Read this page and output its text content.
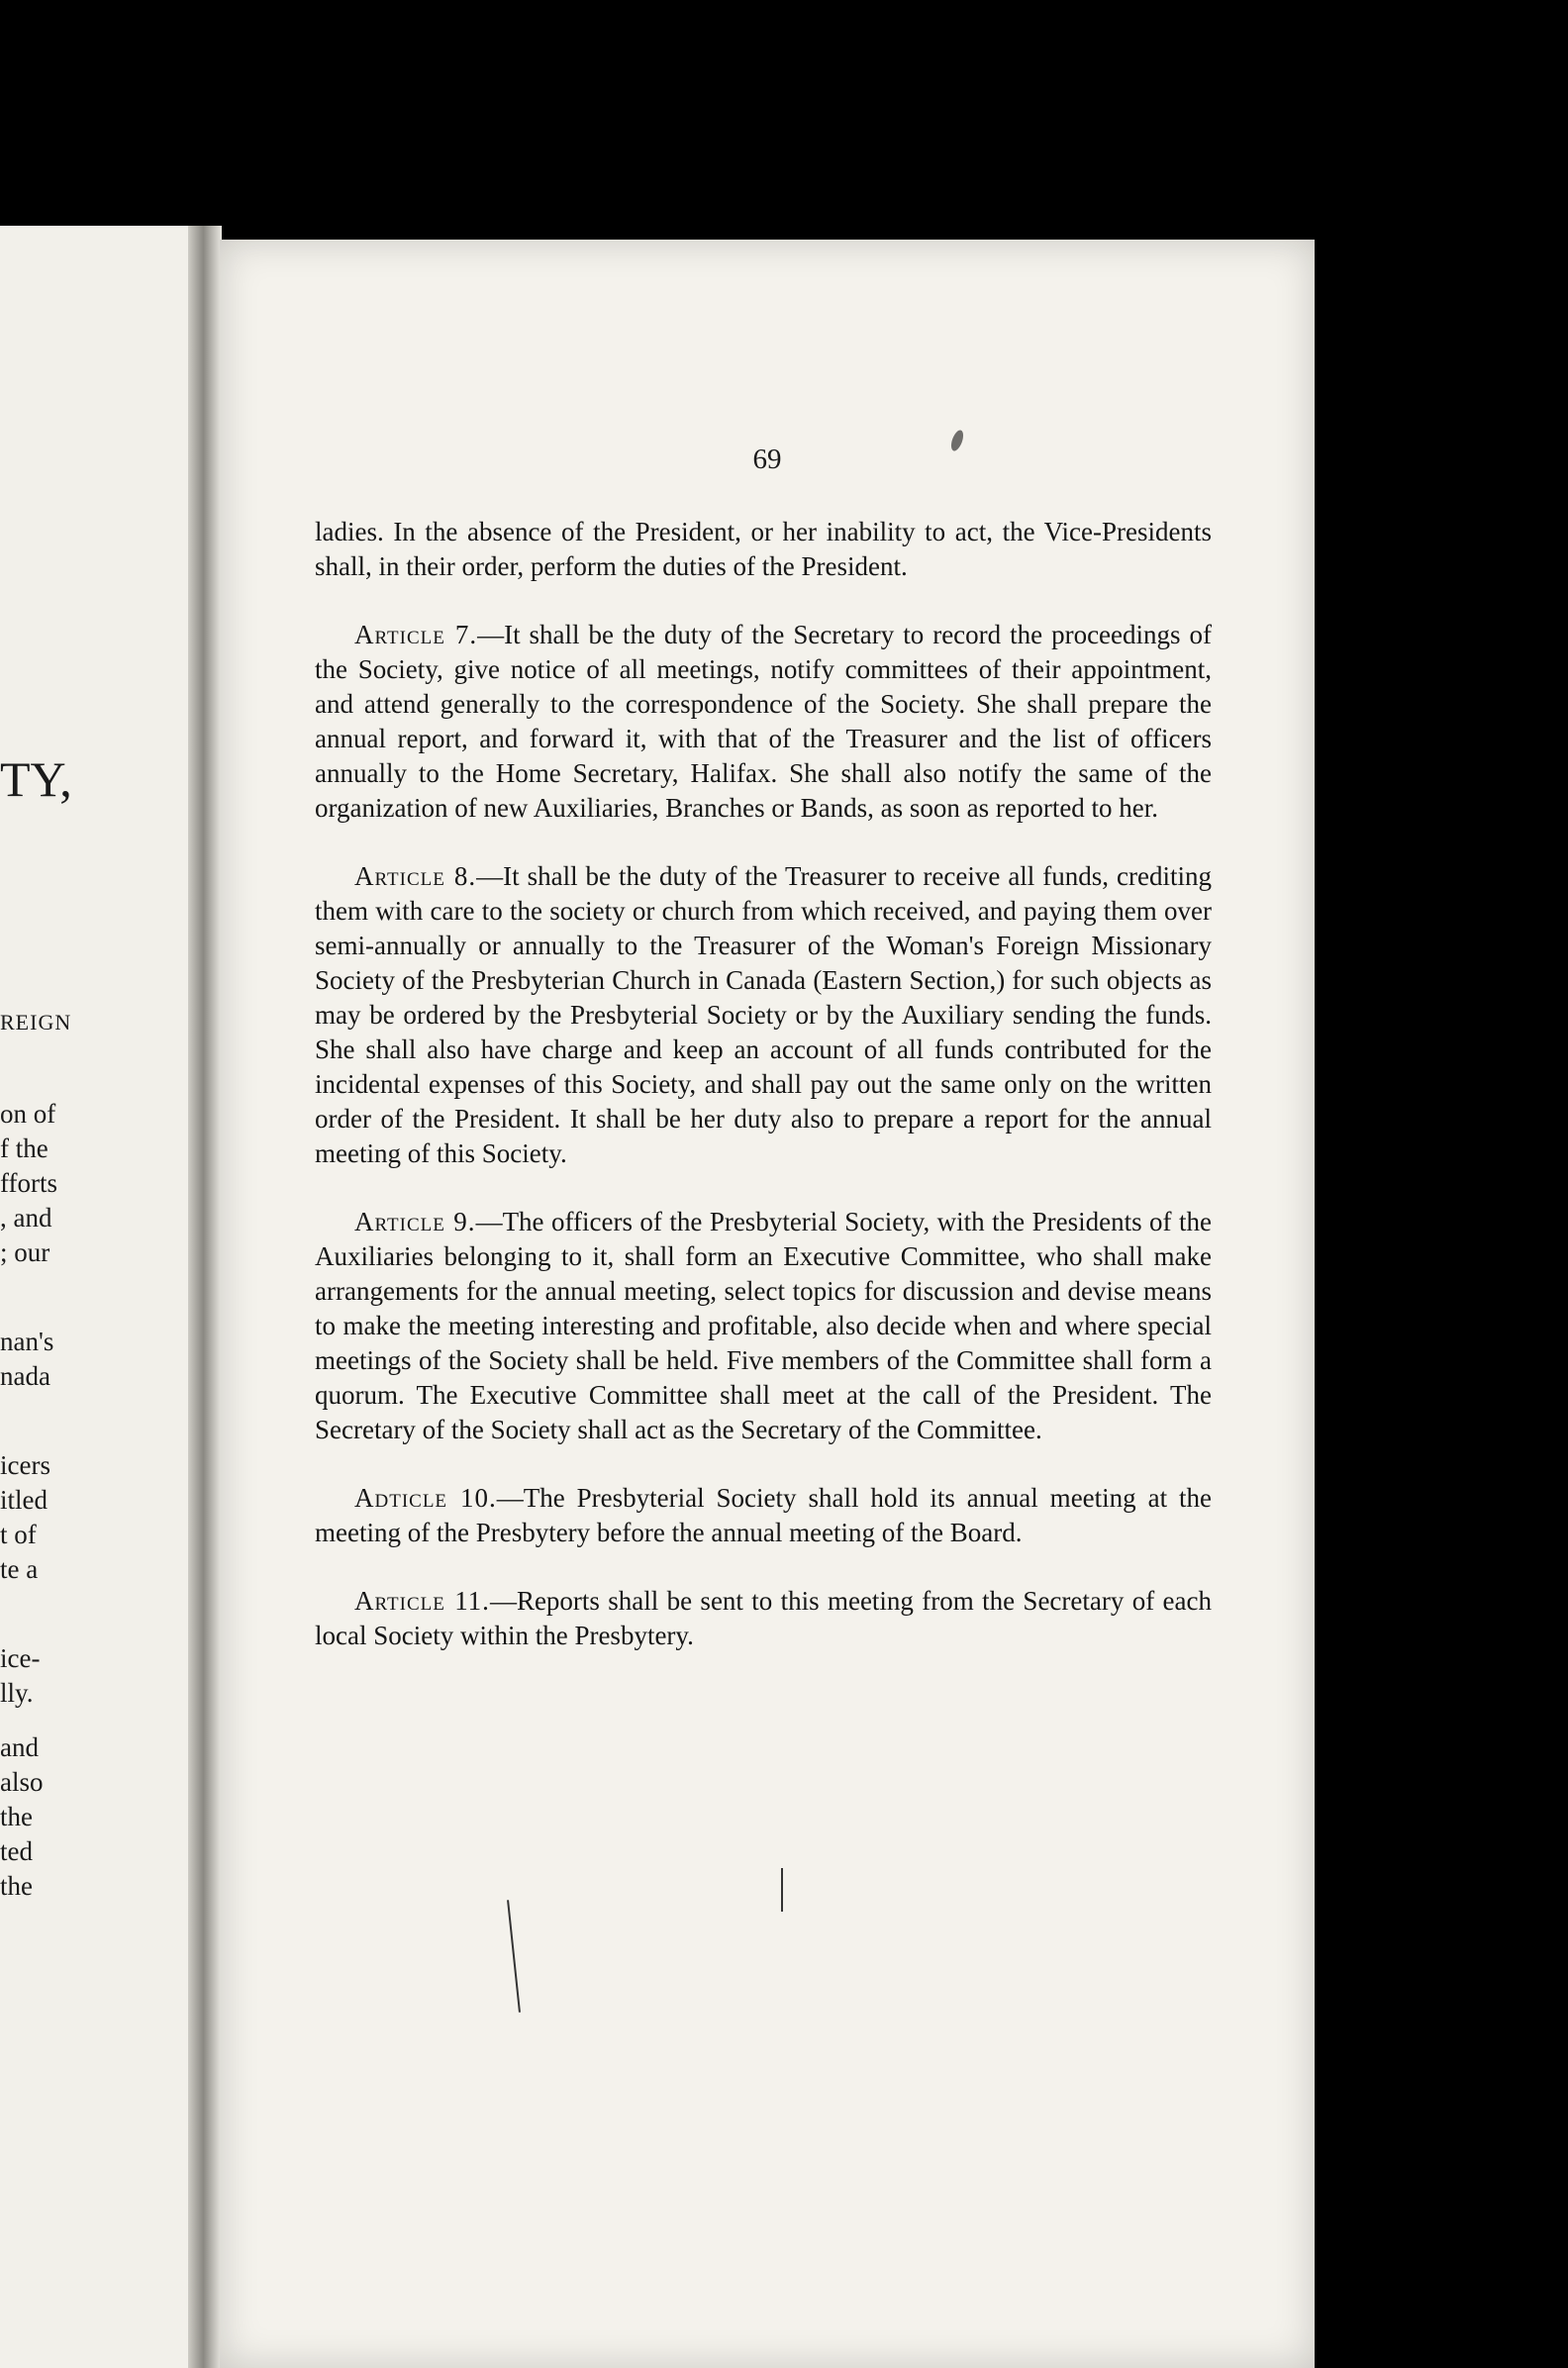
TY,
REIGN
on of
f the
fforts
, and
; our
nan's
nada
icers
itled
t of
te a
ice-
lly.
and
also
the
ted
the
69

ladies. In the absence of the President, or her inability to act, the Vice-Presidents shall, in their order, perform the duties of the President.

Article 7.—It shall be the duty of the Secretary to record the proceedings of the Society, give notice of all meetings, notify committees of their appointment, and attend generally to the correspondence of the Society. She shall prepare the annual report, and forward it, with that of the Treasurer and the list of officers annually to the Home Secretary, Halifax. She shall also notify the same of the organization of new Auxiliaries, Branches or Bands, as soon as reported to her.

Article 8.—It shall be the duty of the Treasurer to receive all funds, crediting them with care to the society or church from which received, and paying them over semi-annually or annually to the Treasurer of the Woman's Foreign Missionary Society of the Presbyterian Church in Canada (Eastern Section,) for such objects as may be ordered by the Presbyterial Society or by the Auxiliary sending the funds. She shall also have charge and keep an account of all funds contributed for the incidental expenses of this Society, and shall pay out the same only on the written order of the President. It shall be her duty also to prepare a report for the annual meeting of this Society.

Article 9.—The officers of the Presbyterial Society, with the Presidents of the Auxiliaries belonging to it, shall form an Executive Committee, who shall make arrangements for the annual meeting, select topics for discussion and devise means to make the meeting interesting and profitable, also decide when and where special meetings of the Society shall be held. Five members of the Committee shall form a quorum. The Executive Committee shall meet at the call of the President. The Secretary of the Society shall act as the Secretary of the Committee.

Adticle 10.—The Presbyterial Society shall hold its annual meeting at the meeting of the Presbytery before the annual meeting of the Board.

Article 11.—Reports shall be sent to this meeting from the Secretary of each local Society within the Presbytery.
